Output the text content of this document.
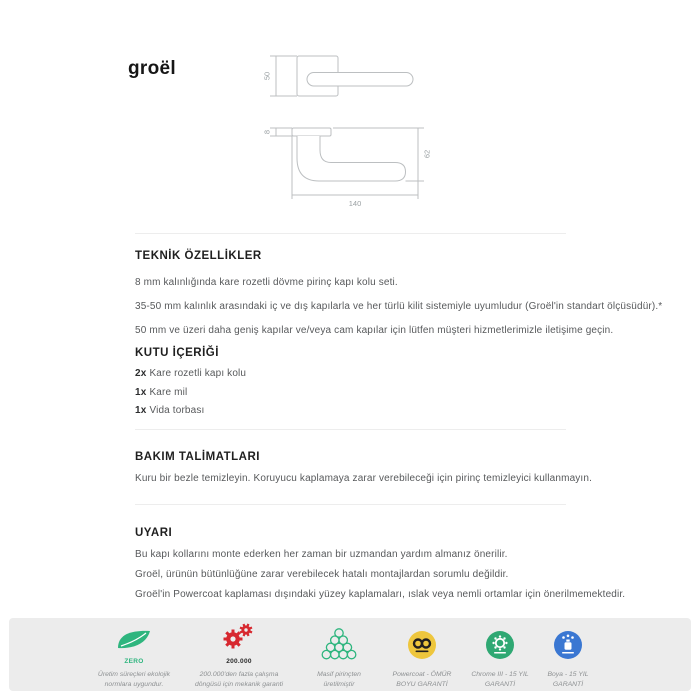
groël	50
8
62
140
TEKNİK ÖZELLİKLER
8 mm kalınlığında kare rozetli dövme pirinç kapı kolu seti.
35-50 mm kalınlık arasındaki iç ve dış kapılarla ve her türlü kilit sistemiyle uyumludur (Groël'in standart ölçüsüdür).*
50 mm ve üzeri daha geniş kapılar ve/veya cam kapılar için lütfen müşteri hizmetlerimizle iletişime geçin.
KUTU İÇERİĞİ
2x Kare rozetli kapı kolu
1x Kare mil
1x Vida torbası
BAKIM TALİMATLARI
Kuru bir bezle temizleyin. Koruyucu kaplamaya zarar verebileceği için pirinç temizleyici kullanmayın.
UYARI
Bu kapı kollarını monte ederken her zaman bir uzmandan yardım almanız önerilir.
Groël, ürünün bütünlüğüne zarar verebilecek hatalı montajlardan sorumlu değildir.
Groël'in Powercoat kaplaması dışındaki yüzey kaplamaları, ıslak veya nemli ortamlar için önerilmemektedir.
ZERO
Üretim süreçleri ekolojik
normlara uygundur.
200.000
200.000'den fazla çalışma
döngüsü için mekanik garanti
Masif pirinçten
üretilmiştir
Powercoat - ÖMÜR
BOYU GARANTİ
Chrome III - 15 YIL
GARANTİ
Boya - 15 YIL
GARANTİ
